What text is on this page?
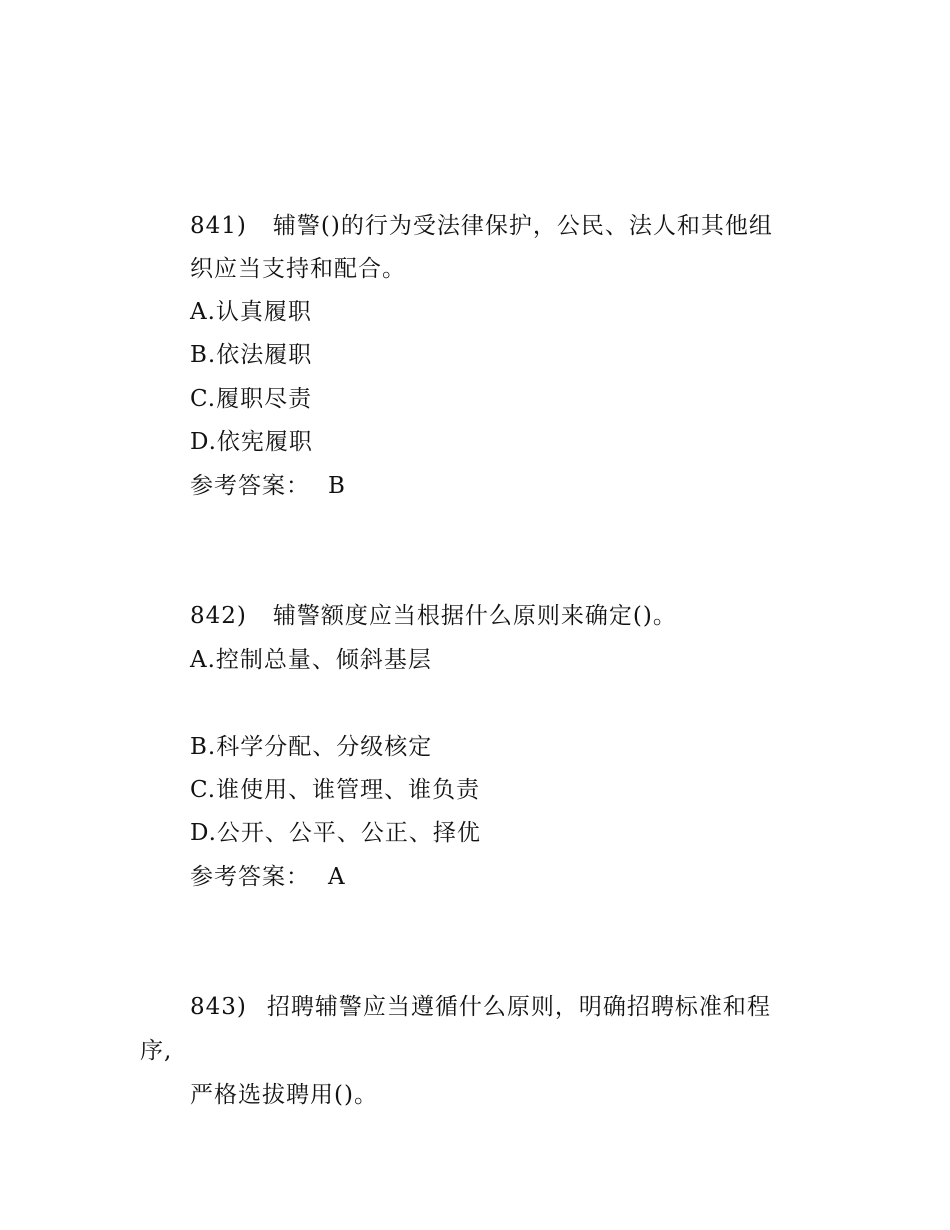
841) 辅警()的行为受法律保护，公民、法人和其他组
织应当支持和配合。
A.认真履职
B.依法履职
C.履职尽责
D.依宪履职
参考答案： B
842) 辅警额度应当根据什么原则来确定()。
A.控制总量、倾斜基层
B.科学分配、分级核定
C.谁使用、谁管理、谁负责
D.公开、公平、公正、择优
参考答案： A
843) 招聘辅警应当遵循什么原则，明确招聘标准和程
序,
严格选拔聘用()。
